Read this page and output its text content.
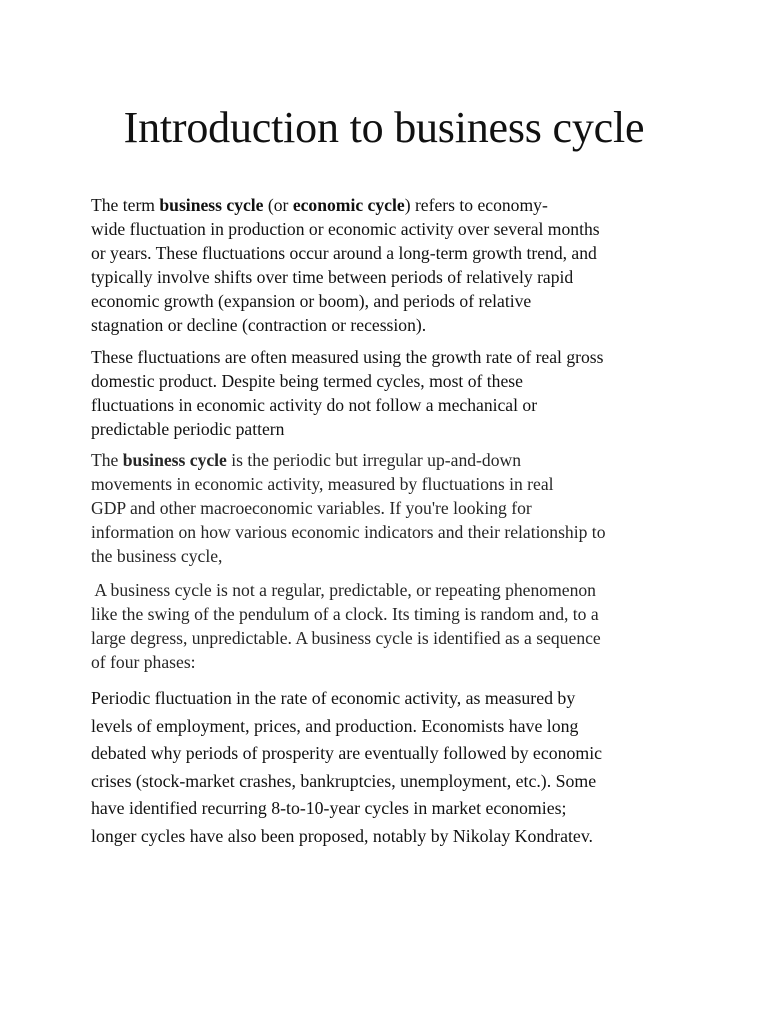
Introduction to business cycle

The term business cycle (or economic cycle) refers to economy-
wide fluctuation in production or economic activity over several months
or years. These fluctuations occur around a long-term growth trend, and
typically involve shifts over time between periods of relatively rapid
economic growth (expansion or boom), and periods of relative
stagnation or decline (contraction or recession).

These fluctuations are often measured using the growth rate of real gross
domestic product. Despite being termed cycles, most of these
fluctuations in economic activity do not follow a mechanical or
predictable periodic pattern

The business cycle is the periodic but irregular up-and-down
movements in economic activity, measured by fluctuations in real
GDP and other macroeconomic variables. If you're looking for
information on how various economic indicators and their relationship to
the business cycle,

A business cycle is not a regular, predictable, or repeating phenomenon
like the swing of the pendulum of a clock. Its timing is random and, to a
large degress, unpredictable. A business cycle is identified as a sequence
of four phases:

Periodic fluctuation in the rate of economic activity, as measured by
levels of employment, prices, and production. Economists have long
debated why periods of prosperity are eventually followed by economic
crises (stock-market crashes, bankruptcies, unemployment, etc.). Some
have identified recurring 8-to-10-year cycles in market economies;
longer cycles have also been proposed, notably by Nikolay Kondratev.
